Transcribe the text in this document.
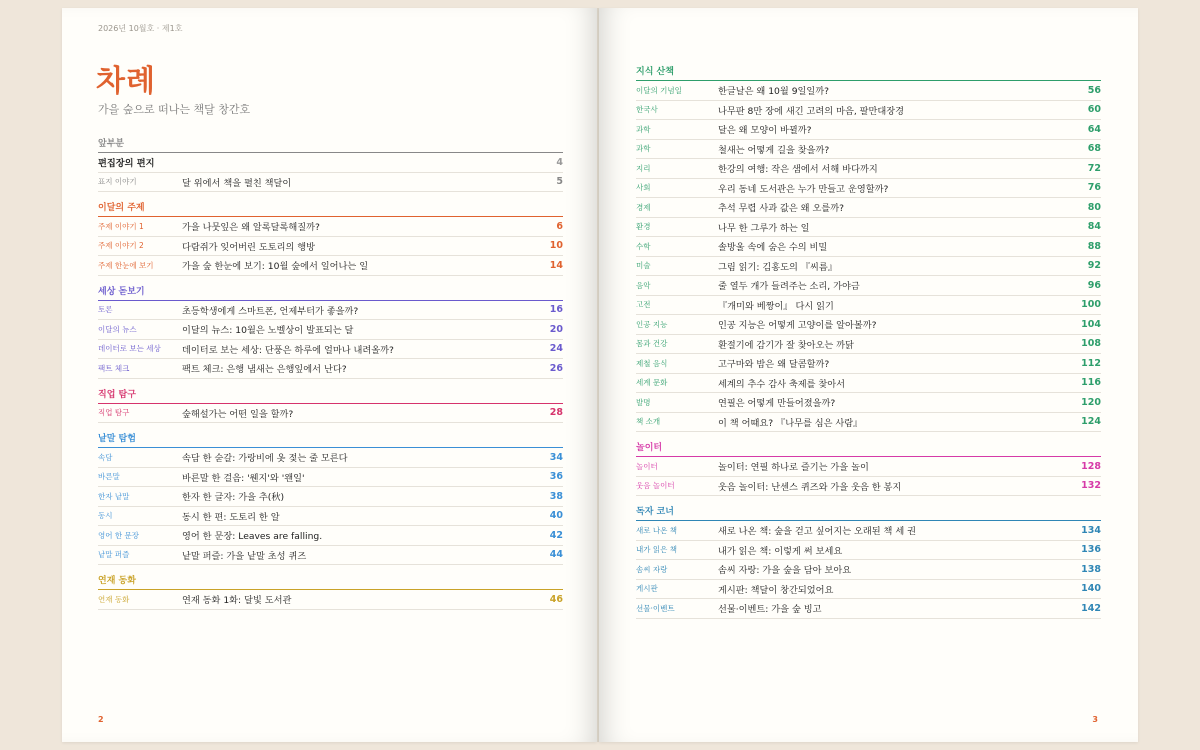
2026년 10월호 · 제1호
차례
가을 숲으로 떠나는 책달 창간호
앞부분
편집장의 편지	4
표지 이야기	달 위에서 책을 펼친 책달이	5
이달의 주제
주제 이야기 1	가을 나뭇잎은 왜 알록달록해질까?	6
주제 이야기 2	다람쥐가 잊어버린 도토리의 행방	10
주제 한눈에 보기	가을 숲 한눈에 보기: 10월 숲에서 일어나는 일	14
세상 돋보기
토론	초등학생에게 스마트폰, 언제부터가 좋을까?	16
이달의 뉴스	이달의 뉴스: 10월은 노벨상이 발표되는 달	20
데이터로 보는 세상	데이터로 보는 세상: 단풍은 하루에 얼마나 내려올까?	24
팩트 체크	팩트 체크: 은행 냄새는 은행잎에서 난다?	26
직업 탐구
직업 탐구	숲해설가는 어떤 일을 할까?	28
낱말 탐험
속담	속담 한 숟갈: 가랑비에 옷 젖는 줄 모른다	34
바른말	바른말 한 걸음: '웬지'와 '왠일'	36
한자 낱말	한자 한 글자: 가을 추(秋)	38
동시	동시 한 편: 도토리 한 알	40
영어 한 문장	영어 한 문장: Leaves are falling.	42
낱말 퍼즐	낱말 퍼즐: 가을 낱말 초성 퀴즈	44
연재 동화
연재 동화	연재 동화 1화: 달빛 도서관	46
2
지식 산책
이달의 기념일	한글날은 왜 10월 9일일까?	56
한국사	나무판 8만 장에 새긴 고려의 마음, 팔만대장경	60
과학	달은 왜 모양이 바뀔까?	64
과학	철새는 어떻게 길을 찾을까?	68
지리	한강의 여행: 작은 샘에서 서해 바다까지	72
사회	우리 동네 도서관은 누가 만들고 운영할까?	76
경제	추석 무렵 사과 값은 왜 오를까?	80
환경	나무 한 그루가 하는 일	84
수학	솔방울 속에 숨은 수의 비밀	88
미술	그림 읽기: 김홍도의 『씨름』	92
음악	줄 열두 개가 들려주는 소리, 가야금	96
고전	『개미와 베짱이』 다시 읽기	100
인공 지능	인공 지능은 어떻게 고양이를 알아볼까?	104
몸과 건강	환절기에 감기가 잘 찾아오는 까닭	108
제철 음식	고구마와 밤은 왜 달콤할까?	112
세계 문화	세계의 추수 감사 축제를 찾아서	116
발명	연필은 어떻게 만들어졌을까?	120
책 소개	이 책 어때요? 『나무를 심은 사람』	124
놀이터
놀이터	놀이터: 연필 하나로 즐기는 가을 놀이	128
웃음 놀이터	웃음 놀이터: 난센스 퀴즈와 가을 웃음 한 봉지	132
독자 코너
새로 나온 책	새로 나온 책: 숲을 걷고 싶어지는 오래된 책 세 권	134
내가 읽은 책	내가 읽은 책: 이렇게 써 보세요	136
솜씨 자랑	솜씨 자랑: 가을 숲을 담아 보아요	138
게시판	게시판: 책달이 창간되었어요	140
선물·이벤트	선물·이벤트: 가을 숲 빙고	142
3
